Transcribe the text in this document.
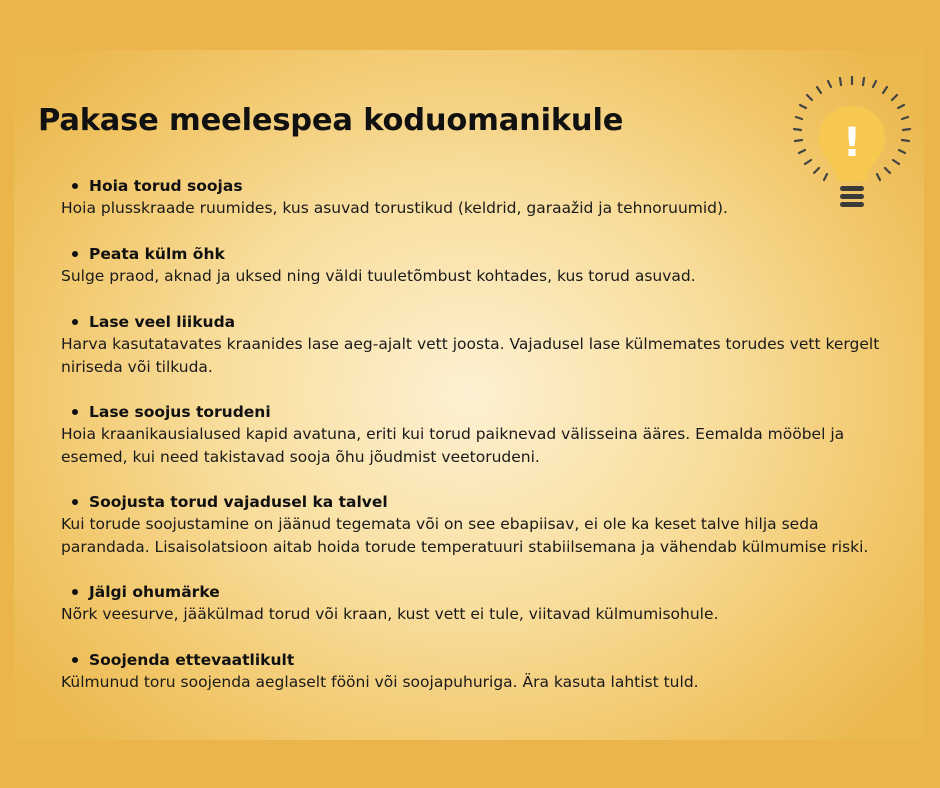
Pakase meelespea koduomanikule	!
Hoia torud soojas

Hoia plusskraade ruumides, kus asuvad torustikud (keldrid, garaažid ja tehnoruumid).

Peata külm õhk

Sulge praod, aknad ja uksed ning väldi tuuletõmbust kohtades, kus torud asuvad.

Lase veel liikuda

Harva kasutatavates kraanides lase aeg-ajalt vett joosta. Vajadusel lase külmemates torudes vett kergelt niriseda või tilkuda.

Lase soojus torudeni

Hoia kraanikausialused kapid avatuna, eriti kui torud paiknevad välisseina ääres. Eemalda mööbel ja esemed, kui need takistavad sooja õhu jõudmist veetorudeni.

Soojusta torud vajadusel ka talvel

Kui torude soojustamine on jäänud tegemata või on see ebapiisav, ei ole ka keset talve hilja seda parandada. Lisaisolatsioon aitab hoida torude temperatuuri stabiilsemana ja vähendab külmumise riski.

Jälgi ohumärke

Nõrk veesurve, jääkülmad torud või kraan, kust vett ei tule, viitavad külmumisohule.

Soojenda ettevaatlikult

Külmunud toru soojenda aeglaselt fööni või soojapuhuriga. Ära kasuta lahtist tuld.
